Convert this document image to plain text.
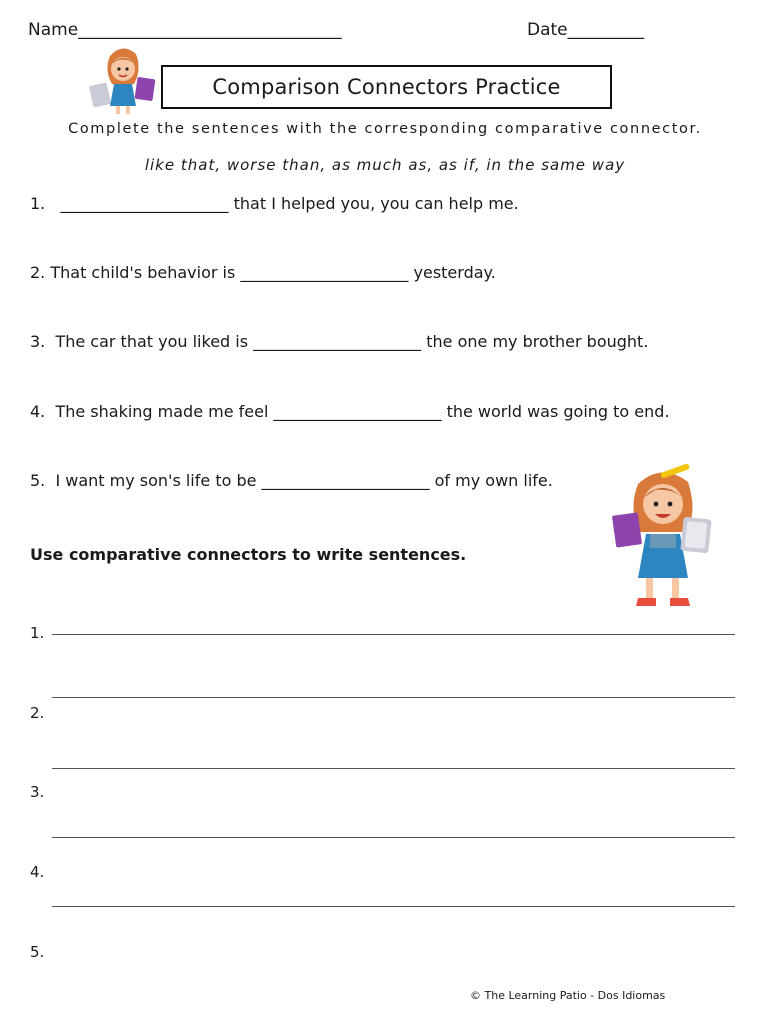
Name_______________________________	Date_________
Comparison Connectors Practice
Complete the sentences with the corresponding comparative connector.
like that, worse than, as much as, as if, in the same way
1.   _____________________ that I helped you, you can help me.
2. That child's behavior is _____________________ yesterday.
3.  The car that you liked is _____________________ the one my brother bought.
4.  The shaking made me feel _____________________ the world was going to end.
5.  I want my son's life to be _____________________ of my own life.
Use comparative connectors to write sentences.
1.
2.
3.
4.
5.
© The Learning Patio - Dos Idiomas
